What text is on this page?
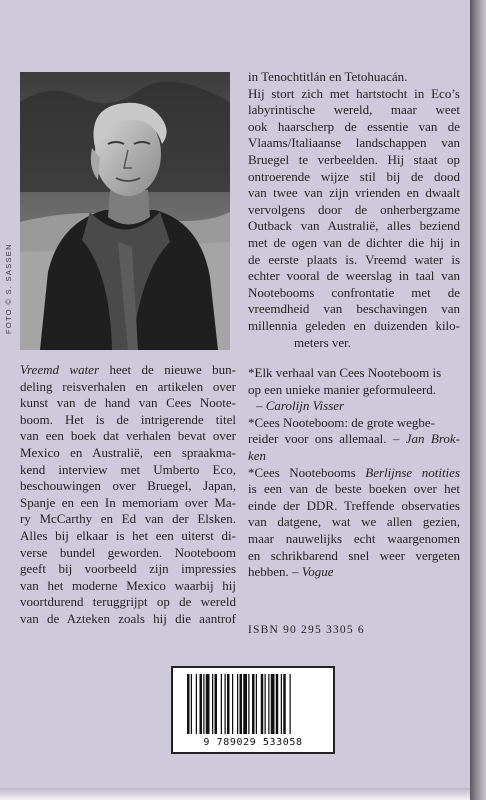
FOTO © S. SASSEN
Vreemd water heet de nieuwe bun-
deling reisverhalen en artikelen over
kunst van de hand van Cees Noote-
boom. Het is de intrigerende titel
van een boek dat verhalen bevat over
Mexico en Australië, een spraakma-
kend interview met Umberto Eco,
beschouwingen over Bruegel, Japan,
Spanje en een In memoriam over Ma-
ry McCarthy en Ed van der Elsken.
Alles bij elkaar is het een uiterst di-
verse bundel geworden. Nooteboom
geeft bij voorbeeld zijn impressies
van het moderne Mexico waarbij hij
voortdurend teruggrijpt op de wereld
van de Azteken zoals hij die aantrof
in Tenochtitlán en Tetohuacán.
Hij stort zich met hartstocht in Eco’s
labyrintische wereld, maar weet
ook haarscherp de essentie van de
Vlaams/Italiaanse landschappen van
Bruegel te verbeelden. Hij staat op
ontroerende wijze stil bij de dood
van twee van zijn vrienden en dwaalt
vervolgens door de onherbergzame
Outback van Australië, alles beziend
met de ogen van de dichter die hij in
de eerste plaats is. Vreemd water is
echter vooral de weerslag in taal van
Nootebooms confrontatie met de
vreemdheid van beschavingen van
millennia geleden en duizenden kilo-
meters ver.
*Elk verhaal van Cees Nooteboom is
op een unieke manier geformuleerd.
– Carolijn Visser
*Cees Nooteboom: de grote wegbe-
reider voor ons allemaal. – Jan Brok-
ken
*Cees Nootebooms Berlijnse notities
is een van de beste boeken over het
einde der DDR. Treffende observaties
van datgene, wat we allen gezien,
maar nauwelijks echt waargenomen
en schrikbarend snel weer vergeten
hebben. – Vogue
ISBN 90 295 3305 6
9 789029 533058
